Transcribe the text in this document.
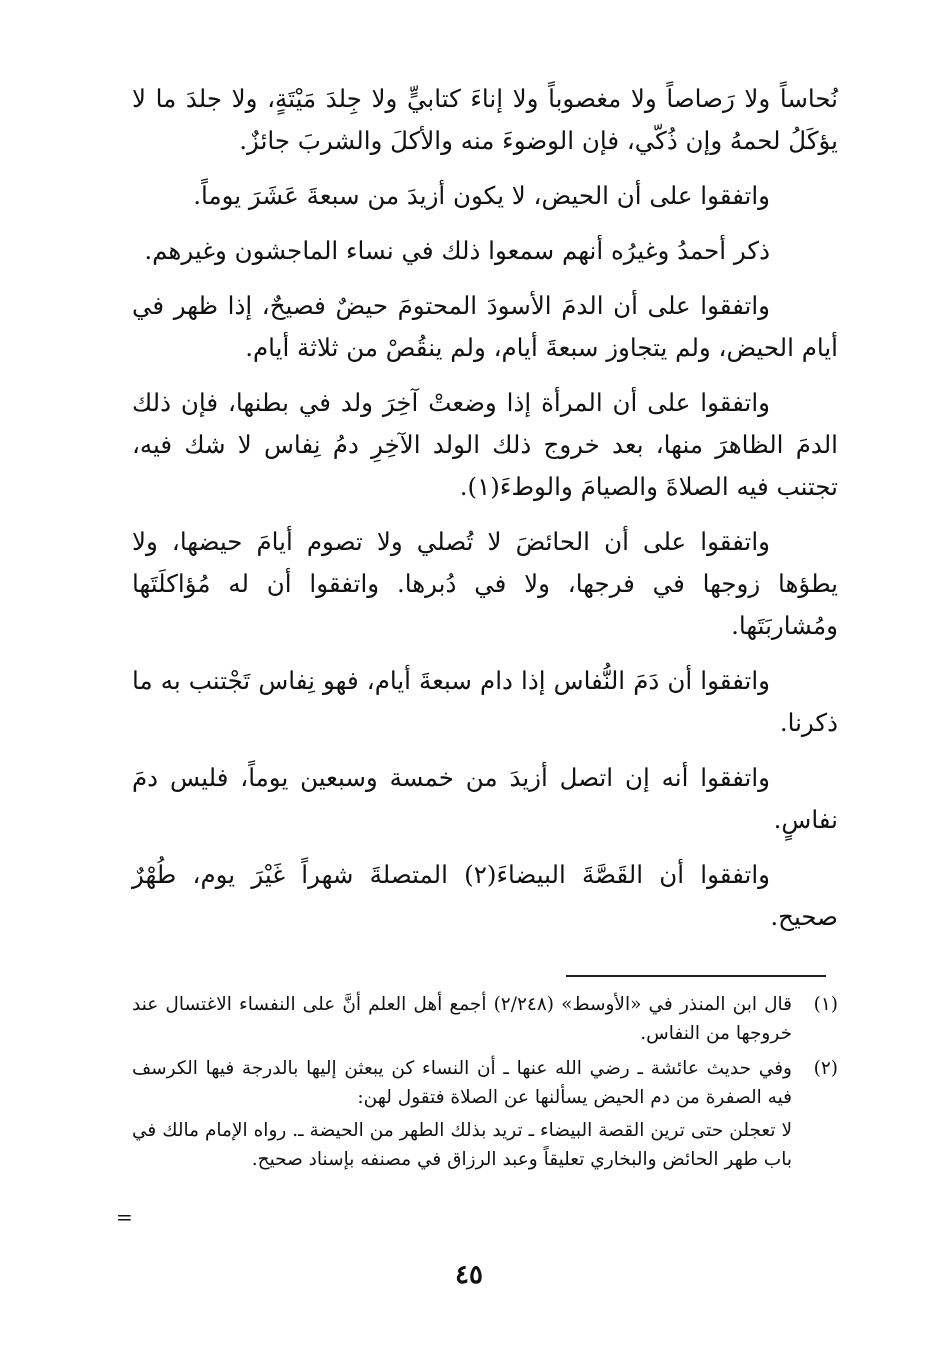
نُحاساً ولا رَصاصاً ولا مغصوباً ولا إناءَ كتابيٍّ ولا جِلدَ مَيْتَةٍ، ولا جلدَ ما لا يؤكَلُ لحمهُ وإن ذُكّي، فإن الوضوءَ منه والأكلَ والشربَ جائزٌ.

واتفقوا على أن الحيض، لا يكون أزيدَ من سبعةَ عَشَرَ يوماً.

ذكر أحمدُ وغيرُه أنهم سمعوا ذلك في نساء الماجشون وغيرهم.

واتفقوا على أن الدمَ الأسودَ المحتومَ حيضٌ فصيحٌ، إذا ظهر في أيام الحيض، ولم يتجاوز سبعةَ أيام، ولم ينقُصْ من ثلاثة أيام.

واتفقوا على أن المرأة إذا وضعتْ آخِرَ ولد في بطنها، فإن ذلك الدمَ الظاهرَ منها، بعد خروج ذلك الولد الآخِرِ دمُ نِفاس لا شك فيه، تجتنب فيه الصلاةَ والصيامَ والوطءَ(١).

واتفقوا على أن الحائضَ لا تُصلي ولا تصوم أيامَ حيضها، ولا يطؤها زوجها في فرجها، ولا في دُبرها. واتفقوا أن له مُؤاكلَتَها ومُشاربَتَها.

واتفقوا أن دَمَ النُّفاس إذا دام سبعةَ أيام، فهو نِفاس تَجْتنب به ما ذكرنا.

واتفقوا أنه إن اتصل أزيدَ من خمسة وسبعين يوماً، فليس دمَ نفاسٍ.

واتفقوا أن القَصَّةَ البيضاءَ(٢) المتصلةَ شهراً غَيْرَ يوم، طُهْرٌ صحيح.

(١)

قال ابن المنذر في «الأوسط» (٢/٢٤٨) أجمع أهل العلم أنَّ على النفساء الاغتسال عند خروجها من النفاس.

(٢)

وفي حديث عائشة ـ رضي الله عنها ـ أن النساء كن يبعثن إليها بالدرجة فيها الكرسف فيه الصفرة من دم الحيض يسألنها عن الصلاة فتقول لهن:

لا تعجلن حتى ترين القصة البيضاء ـ تريد بذلك الطهر من الحيضة ـ. رواه الإمام مالك في باب طهر الحائض والبخاري تعليقاً وعبد الرزاق في مصنفه بإسناد صحيح.

=
٤٥
